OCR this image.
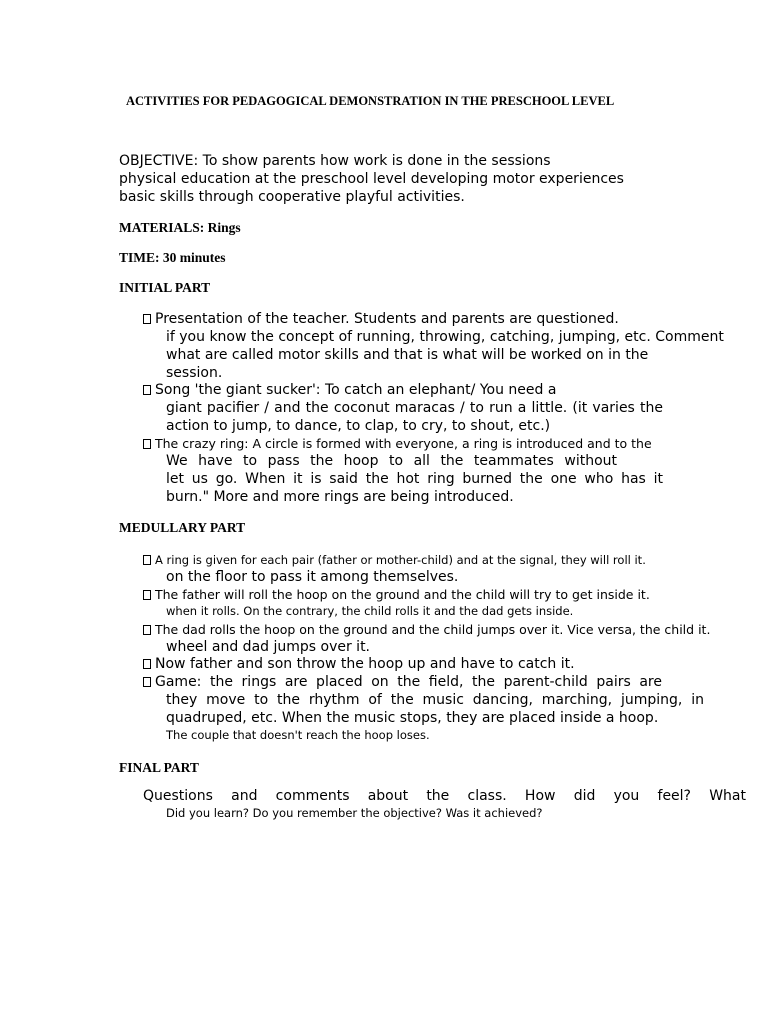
ACTIVITIES FOR PEDAGOGICAL DEMONSTRATION IN THE PRESCHOOL LEVEL
OBJECTIVE: To show parents how work is done in the sessions
physical education at the preschool level developing motor experiences
basic skills through cooperative playful activities.
MATERIALS: Rings
TIME: 30 minutes
INITIAL PART
Presentation of the teacher. Students and parents are questioned.
if you know the concept of running, throwing, catching, jumping, etc. Comment
what are called motor skills and that is what will be worked on in the
session.
Song 'the giant sucker': To catch an elephant/ You need a
giant pacifier / and the coconut maracas / to run a little. (it varies the
action to jump, to dance, to clap, to cry, to shout, etc.)
The crazy ring: A circle is formed with everyone, a ring is introduced and to the
We have to pass the hoop to all the teammates without
let us go. When it is said the hot ring burned the one who has it
burn." More and more rings are being introduced.
MEDULLARY PART
A ring is given for each pair (father or mother-child) and at the signal, they will roll it.
on the floor to pass it among themselves.
The father will roll the hoop on the ground and the child will try to get inside it.
when it rolls. On the contrary, the child rolls it and the dad gets inside.
The dad rolls the hoop on the ground and the child jumps over it. Vice versa, the child it.
wheel and dad jumps over it.
Now father and son throw the hoop up and have to catch it.
Game: the rings are placed on the field, the parent-child pairs are
they move to the rhythm of the music dancing, marching, jumping, in
quadruped, etc. When the music stops, they are placed inside a hoop.
The couple that doesn't reach the hoop loses.
FINAL PART
Questions and comments about the class. How did you feel? What
Did you learn? Do you remember the objective? Was it achieved?
